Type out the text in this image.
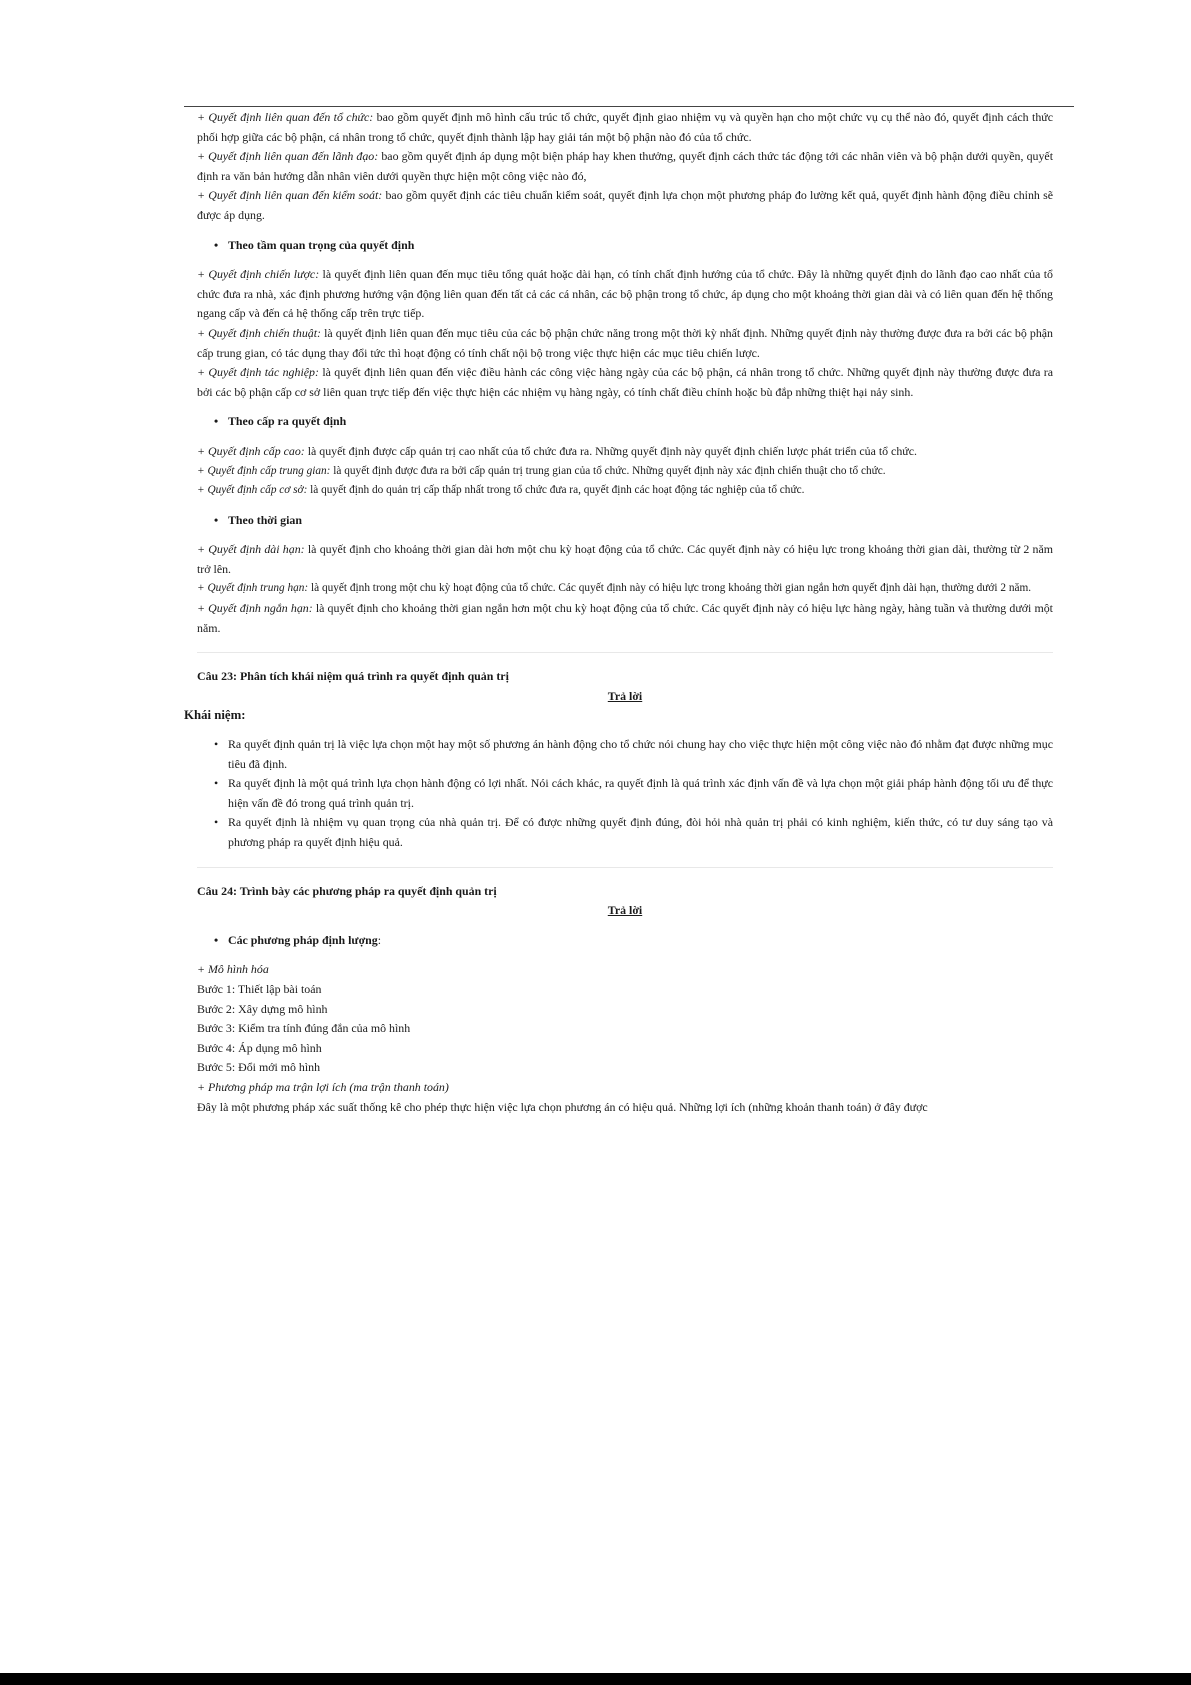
+ Quyết định liên quan đến tổ chức: bao gồm quyết định mô hình cấu trúc tổ chức, quyết định giao nhiệm vụ và quyền hạn cho một chức vụ cụ thể nào đó, quyết định cách thức phối hợp giữa các bộ phận, cá nhân trong tổ chức, quyết định thành lập hay giải tán một bộ phận nào đó của tổ chức.

+ Quyết định liên quan đến lãnh đạo: bao gồm quyết định áp dụng một biện pháp hay khen thưởng, quyết định cách thức tác động tới các nhân viên và bộ phận dưới quyền, quyết định ra văn bản hướng dẫn nhân viên dưới quyền thực hiện một công việc nào đó,

+ Quyết định liên quan đến kiểm soát: bao gồm quyết định các tiêu chuẩn kiểm soát, quyết định lựa chọn một phương pháp đo lường kết quả, quyết định hành động điều chỉnh sẽ được áp dụng.

• Theo tầm quan trọng của quyết định

+ Quyết định chiến lược: là quyết định liên quan đến mục tiêu tổng quát hoặc dài hạn, có tính chất định hướng của tổ chức. Đây là những quyết định do lãnh đạo cao nhất của tổ chức đưa ra nhà, xác định phương hướng vận động liên quan đến tất cả các cá nhân, các bộ phận trong tổ chức, áp dụng cho một khoảng thời gian dài và có liên quan đến hệ thống ngang cấp và đến cả hệ thống cấp trên trực tiếp.

+ Quyết định chiến thuật: là quyết định liên quan đến mục tiêu của các bộ phận chức năng trong một thời kỳ nhất định. Những quyết định này thường được đưa ra bởi các bộ phận cấp trung gian, có tác dụng thay đổi tức thì hoạt động có tính chất nội bộ trong việc thực hiện các mục tiêu chiến lược.

+ Quyết định tác nghiệp: là quyết định liên quan đến việc điều hành các công việc hàng ngày của các bộ phận, cá nhân trong tổ chức. Những quyết định này thường được đưa ra bởi các bộ phận cấp cơ sở liên quan trực tiếp đến việc thực hiện các nhiệm vụ hàng ngày, có tính chất điều chỉnh hoặc bù đắp những thiệt hại nảy sinh.

• Theo cấp ra quyết định

+ Quyết định cấp cao: là quyết định được cấp quản trị cao nhất của tổ chức đưa ra. Những quyết định này quyết định chiến lược phát triển của tổ chức.

+ Quyết định cấp trung gian: là quyết định được đưa ra bởi cấp quản trị trung gian của tổ chức. Những quyết định này xác định chiến thuật cho tổ chức.

+ Quyết định cấp cơ sở: là quyết định do quản trị cấp thấp nhất trong tổ chức đưa ra, quyết định các hoạt động tác nghiệp của tổ chức.

• Theo thời gian

+ Quyết định dài hạn: là quyết định cho khoảng thời gian dài hơn một chu kỳ hoạt động của tổ chức. Các quyết định này có hiệu lực trong khoảng thời gian dài, thường từ 2 năm trở lên.

+ Quyết định trung hạn: là quyết định trong một chu kỳ hoạt động của tổ chức. Các quyết định này có hiệu lực trong khoảng thời gian ngắn hơn quyết định dài hạn, thường dưới 2 năm.

+ Quyết định ngắn hạn: là quyết định cho khoảng thời gian ngắn hơn một chu kỳ hoạt động của tổ chức. Các quyết định này có hiệu lực hàng ngày, hàng tuần và thường dưới một năm.

Câu 23: Phân tích khái niệm quá trình ra quyết định quản trị
Trả lời
Khái niệm:
• Ra quyết định quản trị là việc lựa chọn một hay một số phương án hành động cho tổ chức nói chung hay cho việc thực hiện một công việc nào đó nhằm đạt được những mục tiêu đã định.
• Ra quyết định là một quá trình lựa chọn hành động có lợi nhất. Nói cách khác, ra quyết định là quá trình xác định vấn đề và lựa chọn một giải pháp hành động tối ưu để thực hiện vấn đề đó trong quá trình quản trị.
• Ra quyết định là nhiệm vụ quan trọng của nhà quản trị. Để có được những quyết định đúng, đòi hỏi nhà quản trị phải có kinh nghiệm, kiến thức, có tư duy sáng tạo và phương pháp ra quyết định hiệu quả.
Câu 24: Trình bày các phương pháp ra quyết định quản trị
Trả lời
• Các phương pháp định lượng:

+ Mô hình hóa

Bước 1: Thiết lập bài toán

Bước 2: Xây dựng mô hình

Bước 3: Kiểm tra tính đúng đắn của mô hình

Bước 4: Áp dụng mô hình

Bước 5: Đổi mới mô hình

+ Phương pháp ma trận lợi ích (ma trận thanh toán)

Đây là một phương pháp xác suất thống kê cho phép thực hiện việc lựa chọn phương án có hiệu quả. Những lợi ích (những khoản thanh toán) ở đây được
